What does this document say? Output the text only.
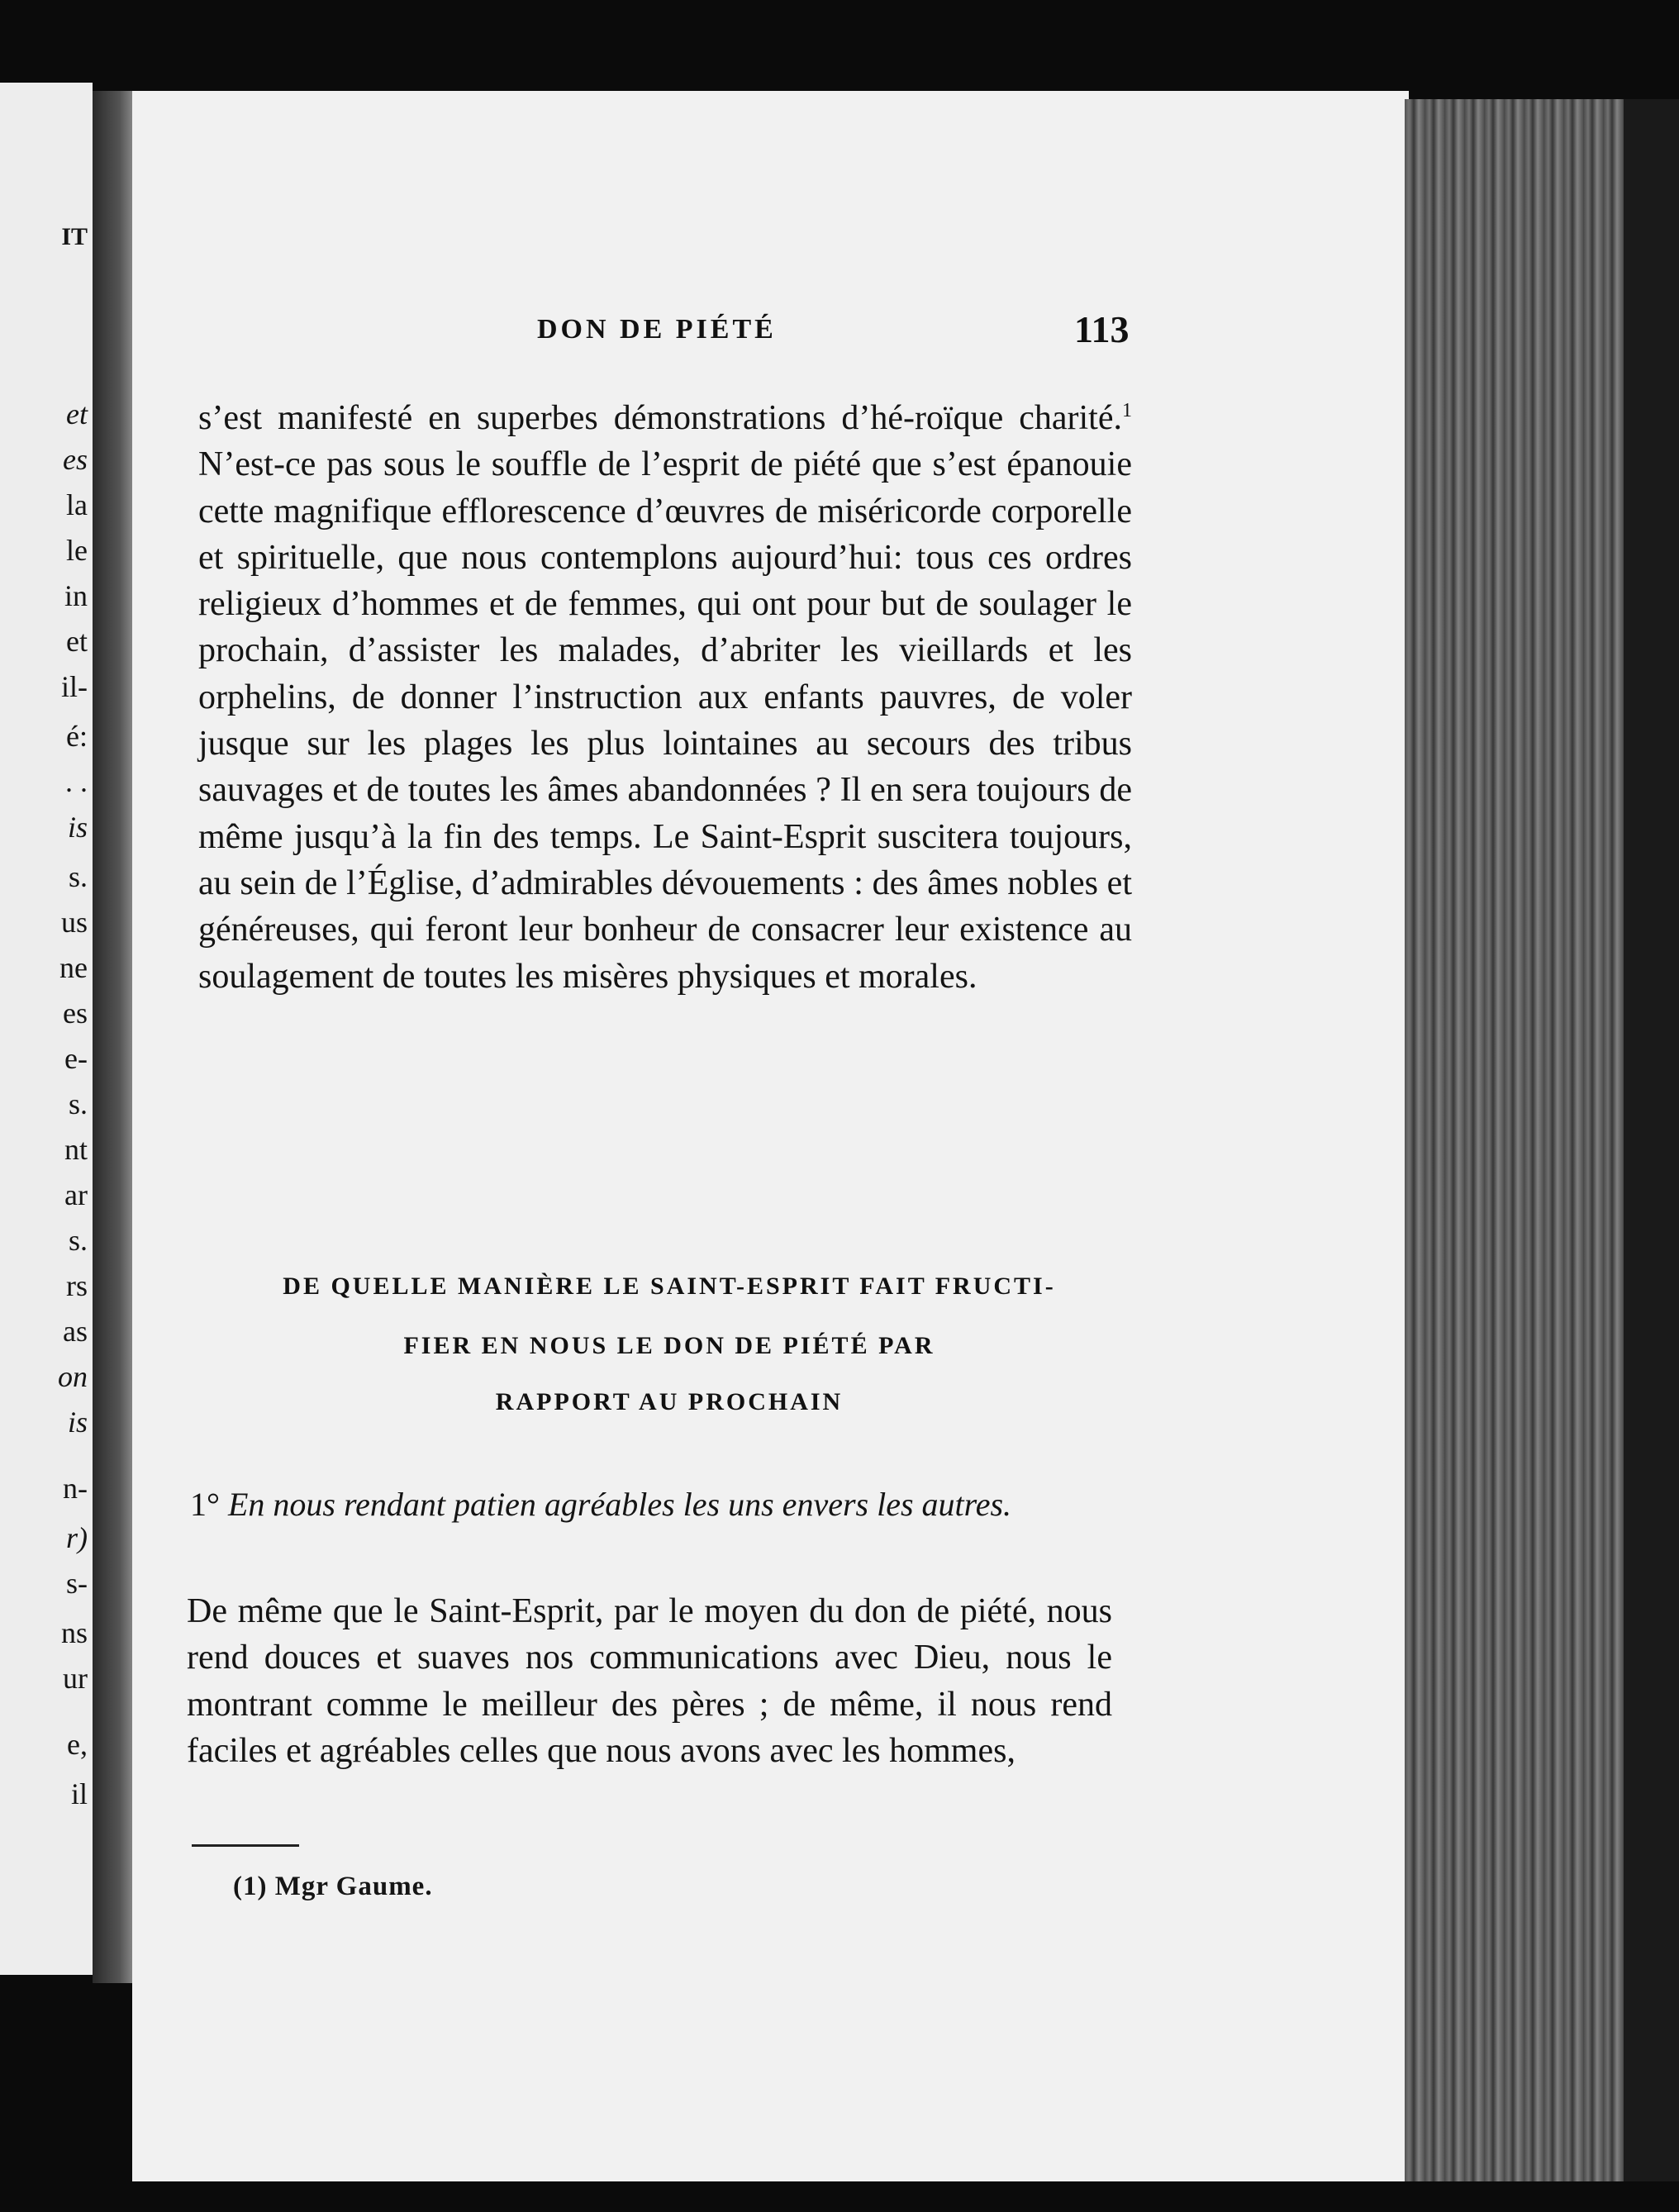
IT
et
es
la
le
in
et
il-
é:
. .
is
s.
us
ne
es
e-
s.
nt
ar
s.
rs
as
on
is
n-
r)
s-
ns
ur
e,
il
DON DE PIÉTÉ	113
s’est manifesté en superbes démonstrations d’hé-roïque charité.$^1$ N’est-ce pas sous le souffle de l’esprit de piété que s’est épanouie cette magnifique efflorescence d’œuvres de miséricorde corporelle et spirituelle, que nous contemplons aujourd’hui: tous ces ordres religieux d’hommes et de femmes, qui ont pour but de soulager le prochain, d’assister les malades, d’abriter les vieillards et les orphelins, de donner l’instruction aux enfants pauvres, de voler jusque sur les plages les plus lointaines au secours des tribus sauvages et de toutes les âmes abandonnées ? Il en sera toujours de même jusqu’à la fin des temps. Le Saint-Esprit suscitera toujours, au sein de l’Église, d’admirables dévouements : des âmes nobles et généreuses, qui feront leur bonheur de consacrer leur existence au soulagement de toutes les misères physiques et morales.
DE QUELLE MANIÈRE LE SAINT-ESPRIT FAIT FRUCTI-
FIER EN NOUS LE DON DE PIÉTÉ PAR
RAPPORT AU PROCHAIN
1° En nous rendant patien agréables les uns envers les autres.
De même que le Saint-Esprit, par le moyen du don de piété, nous rend douces et suaves nos communications avec Dieu, nous le montrant comme le meilleur des pères ; de même, il nous rend faciles et agréables celles que nous avons avec les hommes,
(1) Mgr Gaume.
